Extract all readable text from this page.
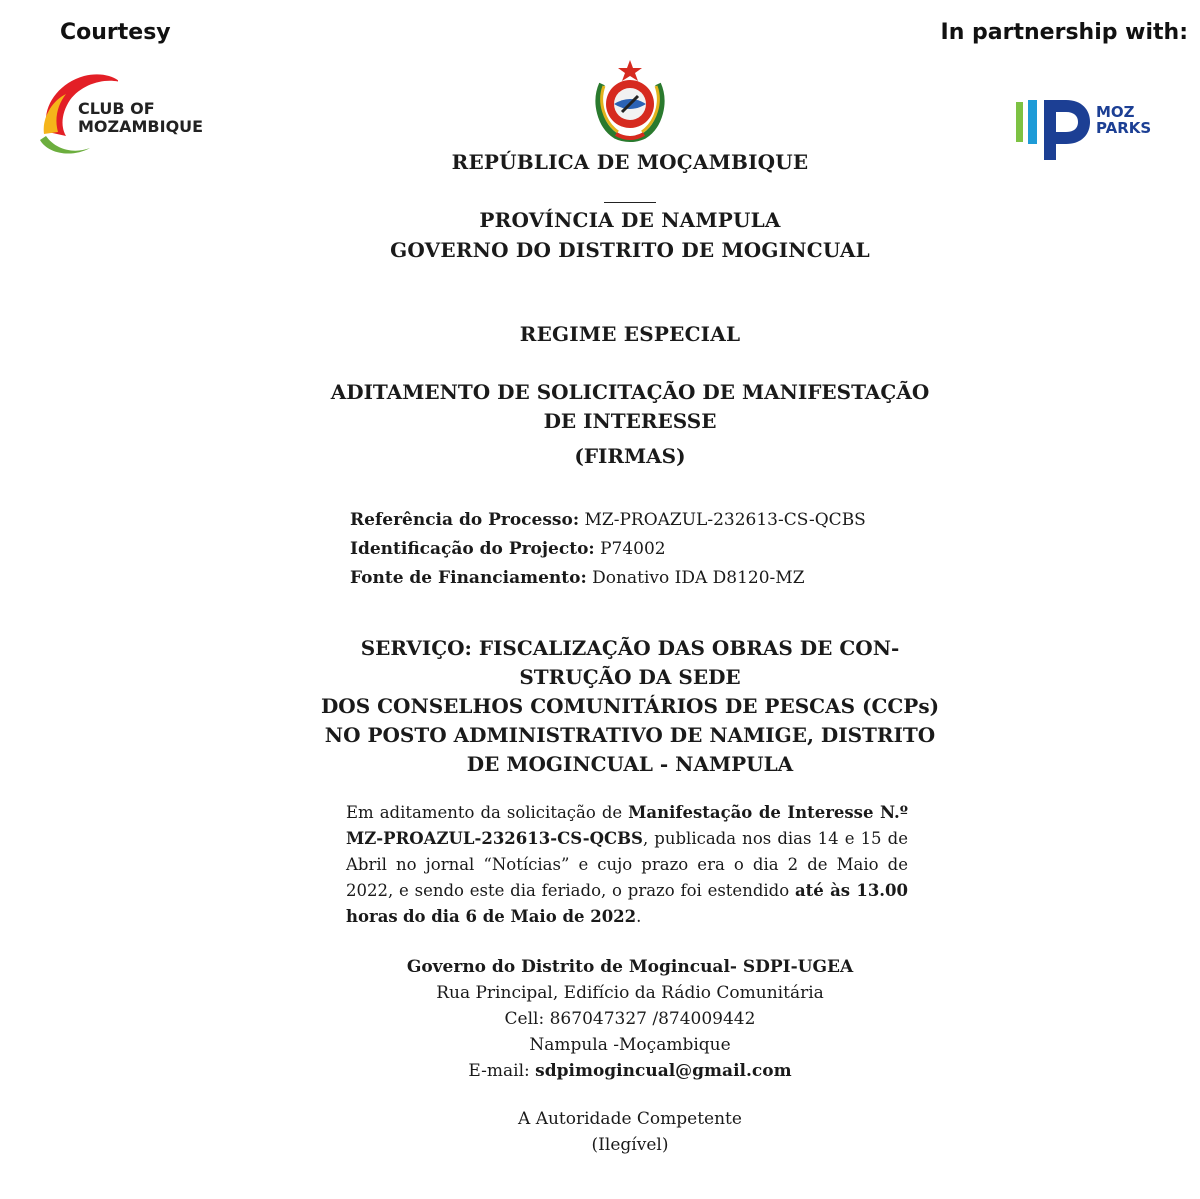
Courtesy	In partnership with:
CLUB OF
MOZAMBIQUE
MOZ
PARKS
REPÚBLICA DE MOÇAMBIQUE
PROVÍNCIA DE NAMPULA
GOVERNO DO DISTRITO DE MOGINCUAL
REGIME ESPECIAL
ADITAMENTO DE SOLICITAÇÃO DE MANIFESTAÇÃO
DE INTERESSE
(FIRMAS)
Referência do Processo: MZ-PROAZUL-232613-CS-QCBS
Identificação do Projecto: P74002
Fonte de Financiamento: Donativo IDA D8120-MZ
SERVIÇO: FISCALIZAÇÃO DAS OBRAS DE CON-
STRUÇÃO DA SEDE
DOS CONSELHOS COMUNITÁRIOS DE PESCAS (CCPs)
NO POSTO ADMINISTRATIVO DE NAMIGE, DISTRITO
DE MOGINCUAL - NAMPULA
Em aditamento da solicitação de Manifestação de Interesse N.º MZ-PROAZUL-232613-CS-QCBS, publicada nos dias 14 e 15 de Abril no jornal “Notícias” e cujo prazo era o dia 2 de Maio de 2022, e sendo este dia feriado, o prazo foi estendido até às 13.00 horas do dia 6 de Maio de 2022.
Governo do Distrito de Mogincual- SDPI-UGEA
Rua Principal, Edifício da Rádio Comunitária
Cell: 867047327 /874009442
Nampula -Moçambique
E-mail: sdpimogincual@gmail.com
A Autoridade Competente
(Ilegível)
